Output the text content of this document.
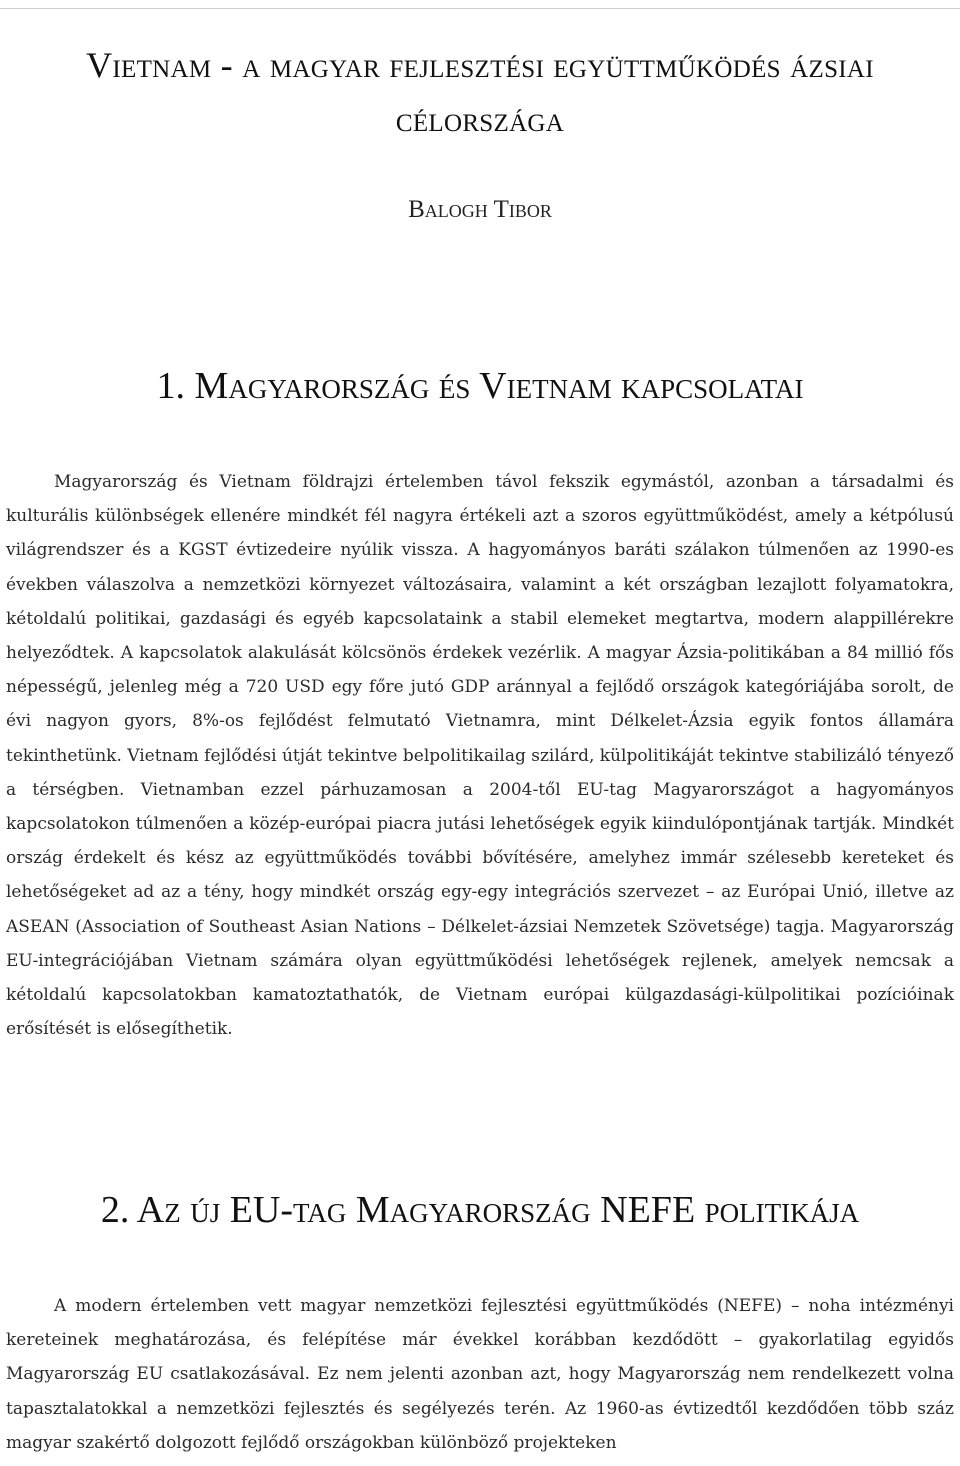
Vietnam - a magyar fejlesztési együttműködés ázsiai célországa
Balogh Tibor
1. Magyarország és Vietnam kapcsolatai

Magyarország és Vietnam földrajzi értelemben távol fekszik egymástól, azonban a társadalmi és kulturális különbségek ellenére mindkét fél nagyra értékeli azt a szoros együttműködést, amely a kétpólusú világrendszer és a KGST évtizedeire nyúlik vissza. A hagyományos baráti szálakon túlmenően az 1990-es években válaszolva a nemzetközi környezet változásaira, valamint a két országban lezajlott folyamatokra, kétoldalú politikai, gazdasági és egyéb kapcsolataink a stabil elemeket megtartva, modern alappillérekre helyeződtek. A kapcsolatok alakulását kölcsönös érdekek vezérlik. A magyar Ázsia-politikában a 84 millió fős népességű, jelenleg még a 720 USD egy főre jutó GDP aránnyal a fejlődő országok kategóriájába sorolt, de évi nagyon gyors, 8%-os fejlődést felmutató Vietnamra, mint Délkelet-Ázsia egyik fontos államára tekinthetünk. Vietnam fejlődési útját tekintve belpolitikailag szilárd, külpolitikáját tekintve stabilizáló tényező a térségben. Vietnamban ezzel párhuzamosan a 2004-től EU-tag Magyarországot a hagyományos kapcsolatokon túlmenően a közép-európai piacra jutási lehetőségek egyik kiindulópontjának tartják. Mindkét ország érdekelt és kész az együttműködés további bővítésére, amelyhez immár szélesebb kereteket és lehetőségeket ad az a tény, hogy mindkét ország egy-egy integrációs szervezet – az Európai Unió, illetve az ASEAN (Association of Southeast Asian Nations – Délkelet-ázsiai Nemzetek Szövetsége) tagja. Magyarország EU-integrációjában Vietnam számára olyan együttműködési lehetőségek rejlenek, amelyek nemcsak a kétoldalú kapcsolatokban kamatoztathatók, de Vietnam európai külgazdasági-külpolitikai pozícióinak erősítését is elősegíthetik.

2. Az új EU-tag Magyarország NEFE politikája

A modern értelemben vett magyar nemzetközi fejlesztési együttműködés (NEFE) – noha intézményi kereteinek meghatározása, és felépítése már évekkel korábban kezdődött – gyakorlatilag egyidős Magyarország EU csatlakozásával. Ez nem jelenti azonban azt, hogy Magyarország nem rendelkezett volna tapasztalatokkal a nemzetközi fejlesztés és segélyezés terén. Az 1960-as évtizedtől kezdődően több száz magyar szakértő dolgozott fejlődő országokban különböző projekteken
